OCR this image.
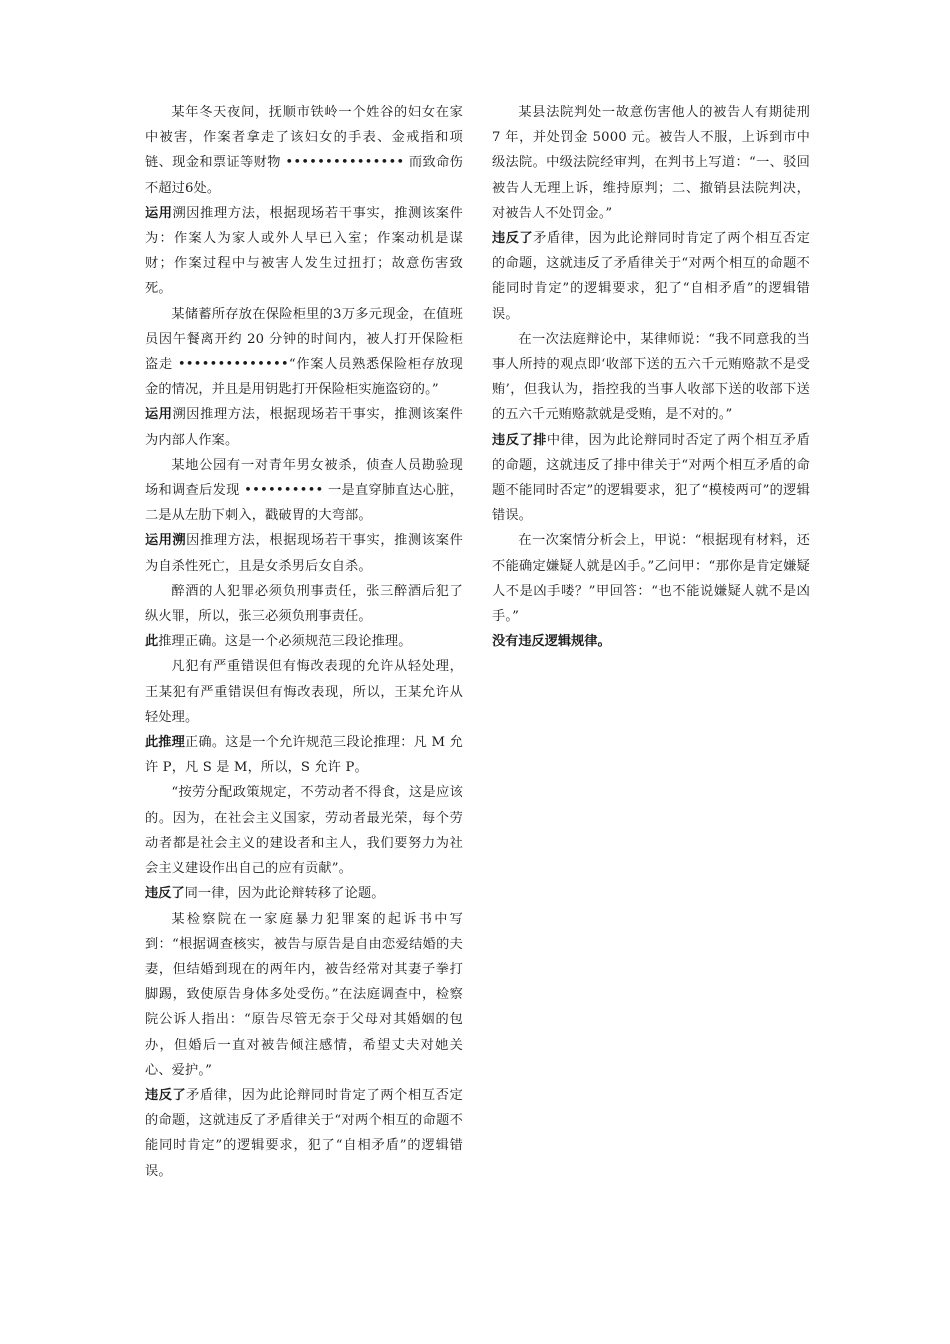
某年冬天夜间，抚顺市铁岭一个姓谷的妇女在家中被害，作案者拿走了该妇女的手表、金戒指和项链、现金和票证等财物 ••••••••••••••• 而致命伤不超过6处。

运用溯因推理方法，根据现场若干事实，推测该案件为：作案人为家人或外人早已入室；作案动机是谋财；作案过程中与被害人发生过扭打；故意伤害致死。

某储蓄所存放在保险柜里的3万多元现金，在值班员因午餐离开约 20 分钟的时间内，被人打开保险柜盗走 ••••••••••••••“作案人员熟悉保险柜存放现金的情况，并且是用钥匙打开保险柜实施盗窃的。”

运用溯因推理方法，根据现场若干事实，推测该案件为内部人作案。

某地公园有一对青年男女被杀，侦查人员勘验现场和调查后发现 •••••••••• 一是直穿肺直达心脏，二是从左肋下刺入，戳破胃的大弯部。

运用溯因推理方法，根据现场若干事实，推测该案件为自杀性死亡，且是女杀男后女自杀。

醉酒的人犯罪必须负刑事责任，张三醉酒后犯了纵火罪，所以，张三必须负刑事责任。

此推理正确。这是一个必须规范三段论推理。

凡犯有严重错误但有悔改表现的允许从轻处理，王某犯有严重错误但有悔改表现，所以，王某允许从轻处理。

此推理正确。这是一个允许规范三段论推理：凡 M 允许 P，凡 S 是 M，所以，S 允许 P。

“按劳分配政策规定，不劳动者不得食，这是应该的。因为，在社会主义国家，劳动者最光荣，每个劳动者都是社会主义的建设者和主人，我们要努力为社会主义建设作出自己的应有贡献”。

违反了同一律，因为此论辩转移了论题。

某检察院在一家庭暴力犯罪案的起诉书中写到：“根据调查核实，被告与原告是自由恋爱结婚的夫妻，但结婚到现在的两年内，被告经常对其妻子拳打脚踢，致使原告身体多处受伤。”在法庭调查中，检察院公诉人指出：“原告尽管无奈于父母对其婚姻的包办，但婚后一直对被告倾注感情，希望丈夫对她关心、爱护。”

违反了矛盾律，因为此论辩同时肯定了两个相互否定的命题，这就违反了矛盾律关于“对两个相互的命题不能同时肯定”的逻辑要求，犯了“自相矛盾”的逻辑错误。

某县法院判处一故意伤害他人的被告人有期徒刑 7 年，并处罚金 5000 元。被告人不服，上诉到市中级法院。中级法院经审判，在判书上写道：“一、驳回被告人无理上诉，维持原判；二、撤销县法院判决，对被告人不处罚金。”

违反了矛盾律，因为此论辩同时肯定了两个相互否定的命题，这就违反了矛盾律关于“对两个相互的命题不能同时肯定”的逻辑要求，犯了“自相矛盾”的逻辑错误。

在一次法庭辩论中，某律师说：“我不同意我的当事人所持的观点即‘收部下送的五六千元贿赂款不是受贿’，但我认为，指控我的当事人收部下送的收部下送的五六千元贿赂款就是受贿，是不对的。”

违反了排中律，因为此论辩同时否定了两个相互矛盾的命题，这就违反了排中律关于“对两个相互矛盾的命题不能同时否定”的逻辑要求，犯了“模棱两可”的逻辑错误。

在一次案情分析会上，甲说：“根据现有材料，还不能确定嫌疑人就是凶手。”乙问甲：“那你是肯定嫌疑人不是凶手喽？”甲回答：“也不能说嫌疑人就不是凶手。”

没有违反逻辑规律。
